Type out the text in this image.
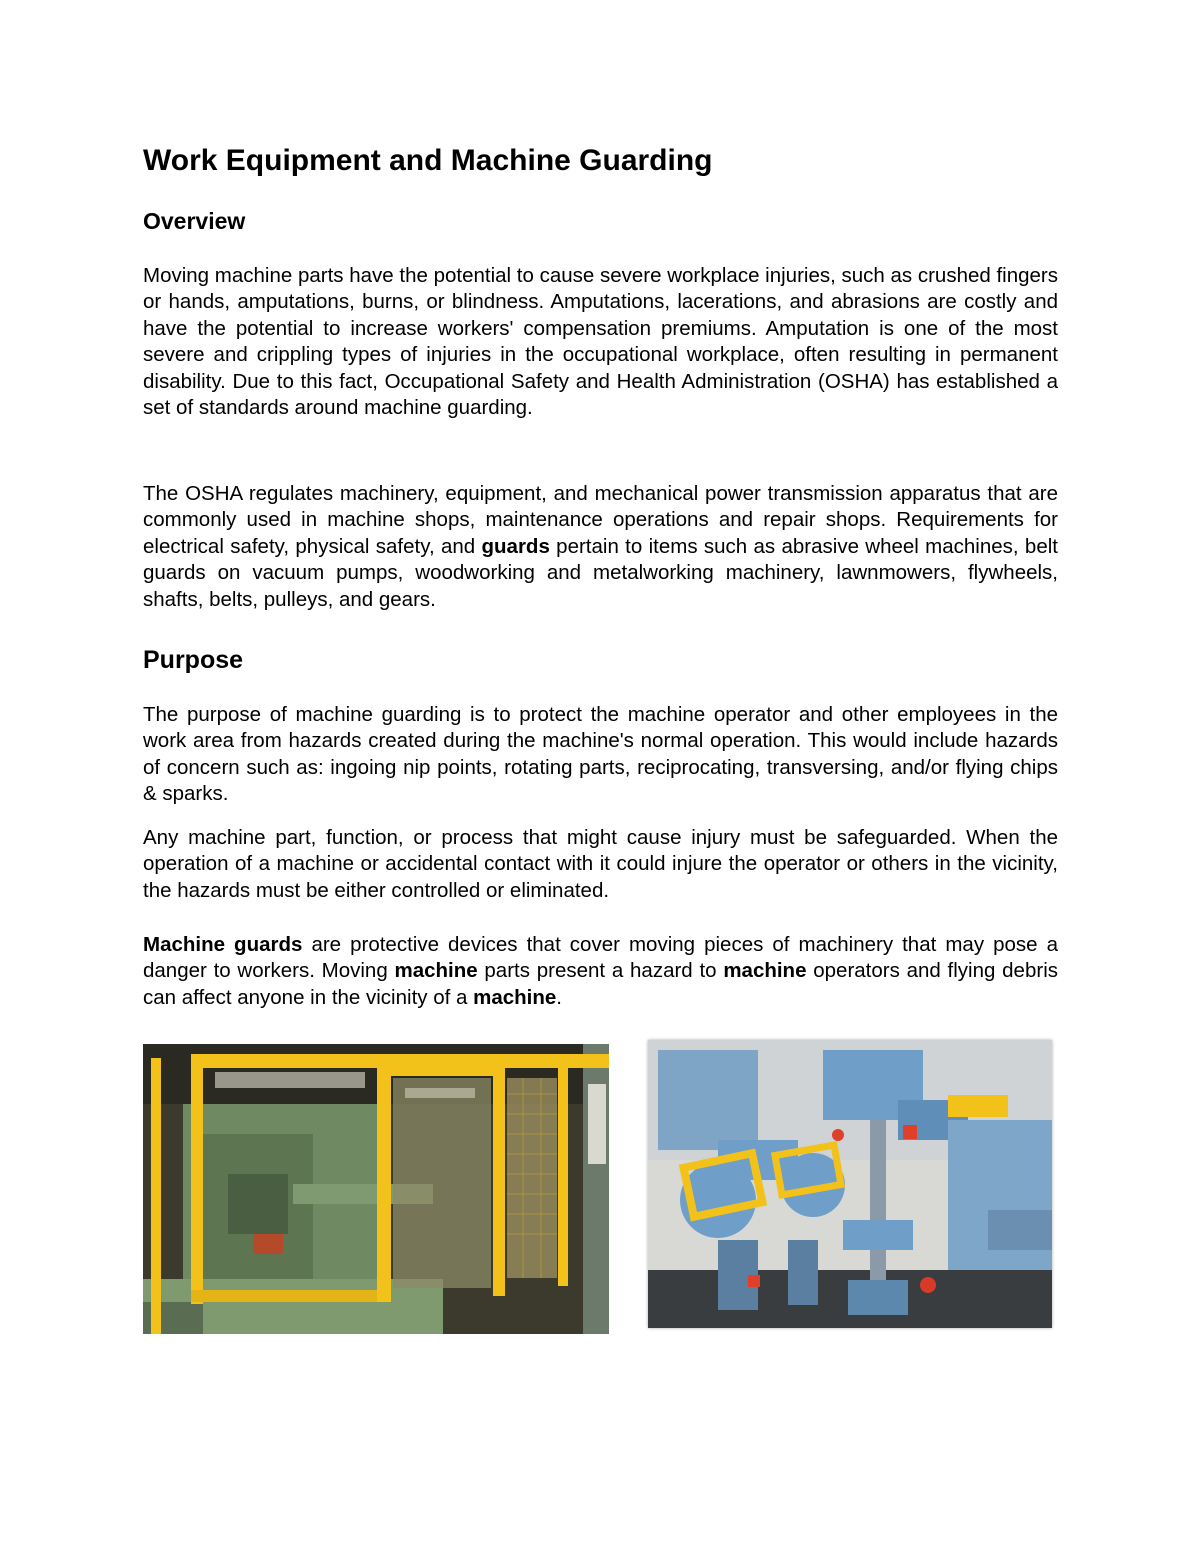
Work Equipment and Machine Guarding
Overview

Moving machine parts have the potential to cause severe workplace injuries, such as crushed fingers or hands, amputations, burns, or blindness. Amputations, lacerations, and abrasions are costly and have the potential to increase workers' compensation premiums. Amputation is one of the most severe and crippling types of injuries in the occupational workplace, often resulting in permanent disability. Due to this fact, Occupational Safety and Health Administration (OSHA) has established a set of standards around machine guarding.

The OSHA regulates machinery, equipment, and mechanical power transmission apparatus that are commonly used in machine shops, maintenance operations and repair shops. Requirements for electrical safety, physical safety, and guards pertain to items such as abrasive wheel machines, belt guards on vacuum pumps, woodworking and metalworking machinery, lawnmowers, flywheels, shafts, belts, pulleys, and gears.

Purpose

The purpose of machine guarding is to protect the machine operator and other employees in the work area from hazards created during the machine's normal operation. This would include hazards of concern such as: ingoing nip points, rotating parts, reciprocating, transversing, and/or flying chips & sparks.

Any machine part, function, or process that might cause injury must be safeguarded. When the operation of a machine or accidental contact with it could injure the operator or others in the vicinity, the hazards must be either controlled or eliminated.

Machine guards are protective devices that cover moving pieces of machinery that may pose a danger to workers. Moving machine parts present a hazard to machine operators and flying debris can affect anyone in the vicinity of a machine.
